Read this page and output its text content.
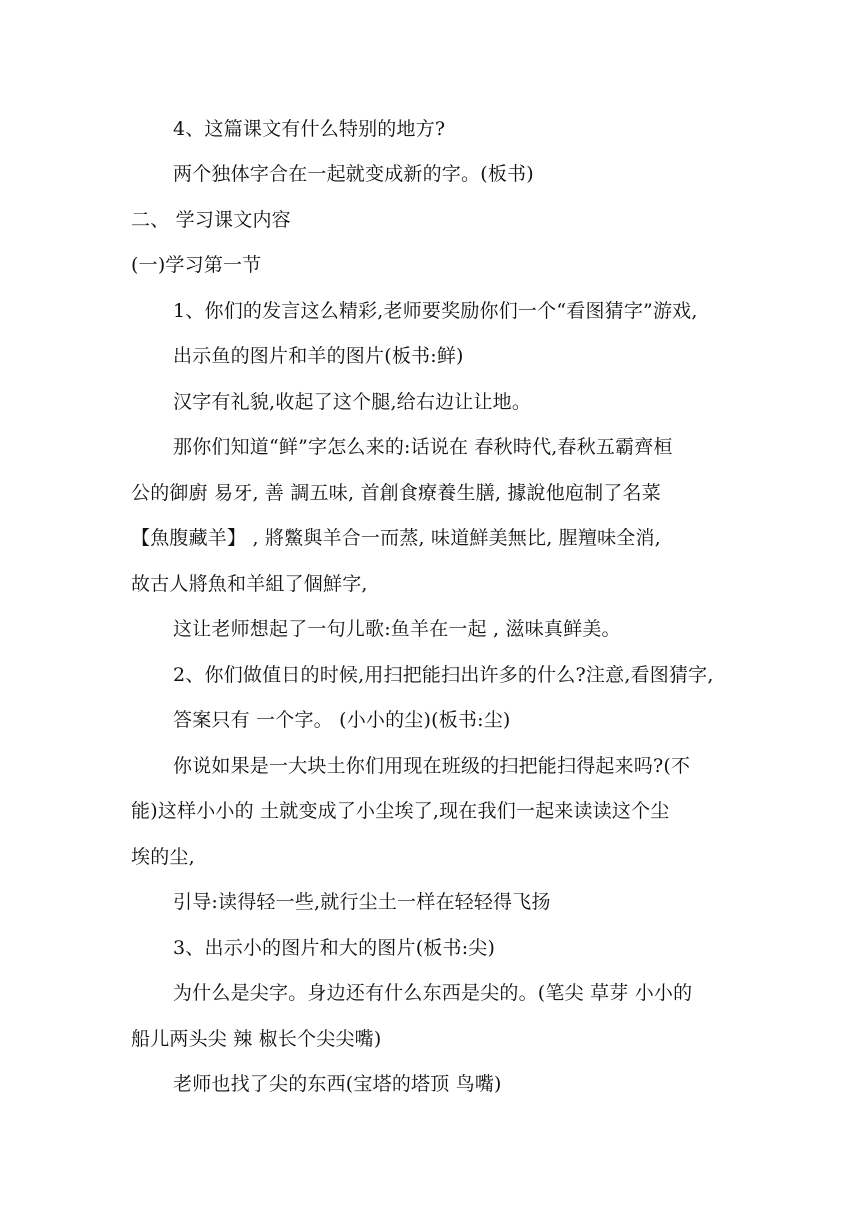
4、这篇课文有什么特别的地方?
两个独体字合在一起就变成新的字。(板书)
二、 学习课文内容
(一)学习第一节
1、你们的发言这么精彩,老师要奖励你们一个“看图猜字”游戏,
出示鱼的图片和羊的图片(板书:鲜)
汉字有礼貌,收起了这个腿,给右边让让地。
那你们知道“鲜”字怎么来的:话说在 春秋時代,春秋五霸齊桓
公的御廚 易牙, 善 調五味, 首創食療養生膳, 據說他庖制了名菜
【魚腹藏羊】 , 將鱉與羊合一而蒸, 味道鮮美無比, 腥羶味全消,
故古人將魚和羊組了個鮮字,
这让老师想起了一句儿歌:鱼羊在一起 , 滋味真鲜美。
2、你们做值日的时候,用扫把能扫出许多的什么?注意,看图猜字,
答案只有 一个字。 (小小的尘)(板书:尘)
你说如果是一大块土你们用现在班级的扫把能扫得起来吗?(不
能)这样小小的 土就变成了小尘埃了,现在我们一起来读读这个尘
埃的尘,
引导:读得轻一些,就行尘土一样在轻轻得飞扬
3、出示小的图片和大的图片(板书:尖)
为什么是尖字。身边还有什么东西是尖的。(笔尖 草芽 小小的
船儿两头尖 辣 椒长个尖尖嘴)
老师也找了尖的东西(宝塔的塔顶 鸟嘴)
